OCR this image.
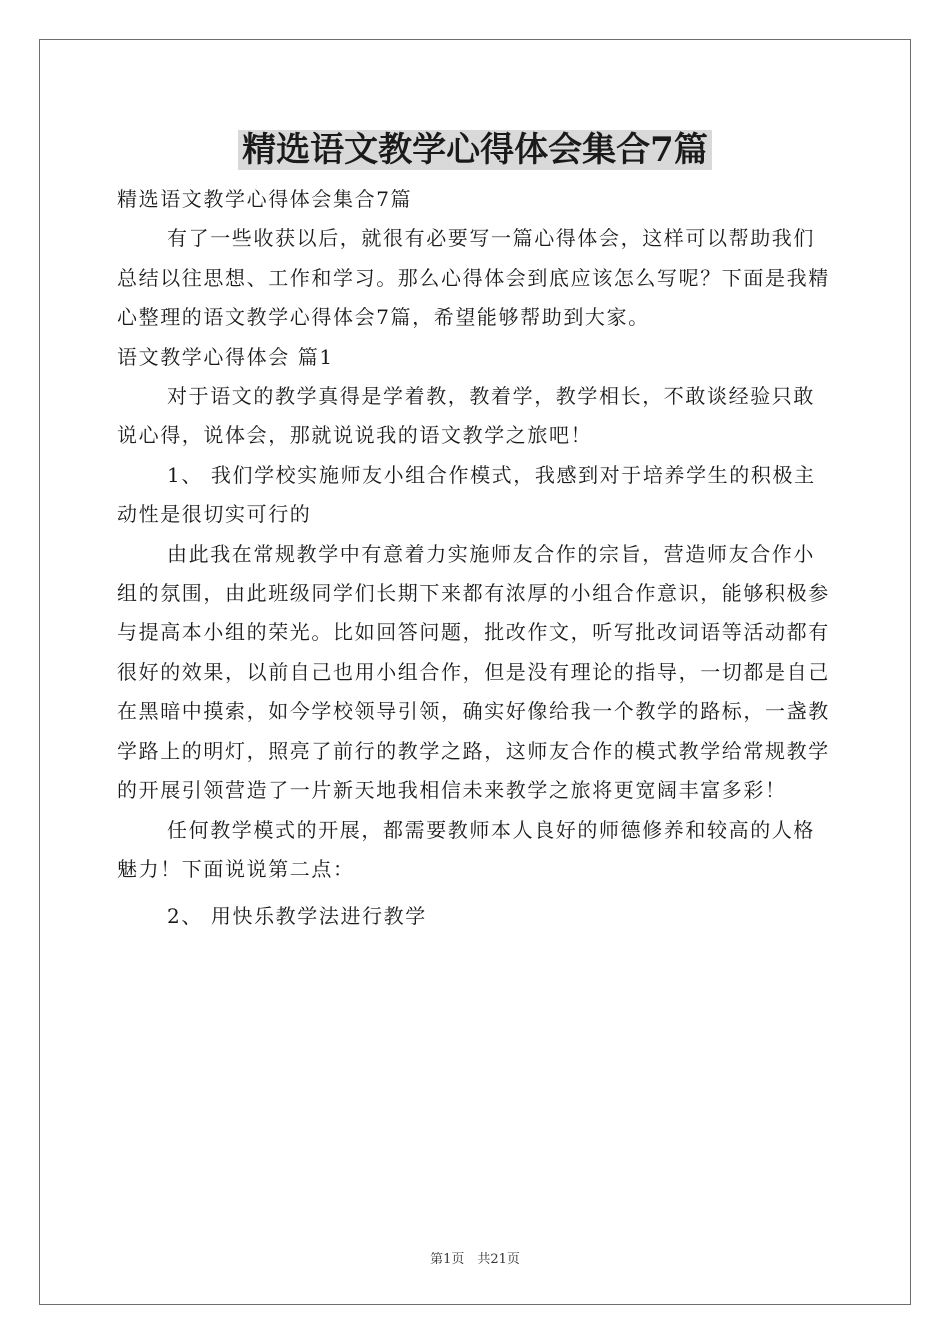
精选语文教学心得体会集合7篇

精选语文教学心得体会集合7篇

有了一些收获以后，就很有必要写一篇心得体会，这样可以帮助我们总结以往思想、工作和学习。那么心得体会到底应该怎么写呢？下面是我精心整理的语文教学心得体会7篇，希望能够帮助到大家。

语文教学心得体会 篇1

对于语文的教学真得是学着教，教着学，教学相长，不敢谈经验只敢说心得，说体会，那就说说我的语文教学之旅吧！

1、 我们学校实施师友小组合作模式，我感到对于培养学生的积极主动性是很切实可行的

由此我在常规教学中有意着力实施师友合作的宗旨，营造师友合作小组的氛围，由此班级同学们长期下来都有浓厚的小组合作意识，能够积极参与提高本小组的荣光。比如回答问题，批改作文，听写批改词语等活动都有很好的效果，以前自己也用小组合作，但是没有理论的指导，一切都是自己在黑暗中摸索，如今学校领导引领，确实好像给我一个教学的路标，一盏教学路上的明灯，照亮了前行的教学之路，这师友合作的模式教学给常规教学的开展引领营造了一片新天地我相信未来教学之旅将更宽阔丰富多彩！

任何教学模式的开展，都需要教师本人良好的师德修养和较高的人格魅力！下面说说第二点：

2、 用快乐教学法进行教学

第1页　共21页
